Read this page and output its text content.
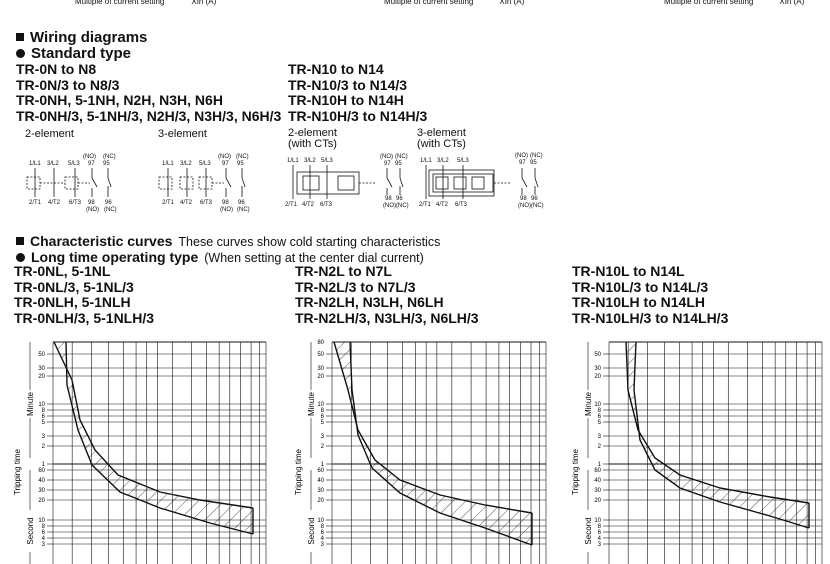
Multiple of current setting	XIn (A)	Multiple of current setting	XIn (A)	Multiple of current setting	XIn (A)
Wiring diagrams
Standard type
TR-0N to N8
TR-0N/3 to N8/3
TR-0NH, 5-1NH, N2H, N3H, N6H
TR-0NH/3, 5-1NH/3, N2H/3, N3H/3, N6H/3
TR-N10 to N14
TR-N10/3 to N14/3
TR-N10H to N14H
TR-N10H/3 to N14H/3
2-element	3-element	2-element
(with CTs)
3-element
(with CTs)
1/L1 3/L2 5/L3
(NO) (NC)
97 95
2/T1 4/T2 6/T3 98 96
(NO) (NC)
1/L1 3/L2 5/L3
(NO) (NC)
97 95
2/T1 4/T2 6/T3 98 96
(NO) (NC)
1/L1 3/L2 5/L3
(NO) (NC)
97 95
2/T1 4/T2 6/T3
98 96
(NO) (NC)
1/L1 3/L2 5/L3
(NO) (NC)
97 95
2/T1 4/T2 6/T3
98 96
(NO) (NC)
Characteristic curves These curves show cold starting characteristics
Long time operating type (When setting at the center dial current)
TR-0NL, 5-1NL
TR-0NL/3, 5-1NL/3
TR-0NLH, 5-1NLH
TR-0NLH/3, 5-1NLH/3
TR-N2L to N7L
TR-N2L/3 to N7L/3
TR-N2LH, N3LH, N6LH
TR-N2LH/3, N3LH/3, N6LH/3
TR-N10L to N14L
TR-N10L/3 to N14L/3
TR-N10LH to N14LH
TR-N10LH/3 to N14LH/3
50
30
20
10
8
6
5
3
2
1
60
40
30
20
10
8
6
4
3
Minute
Second
Tripping time
50
30
20
10
8
6
5
3
2
1
60
40
30
20
10
8
6
4
3
80
Minute
Second
Tripping time
50
30
20
10
8
6
5
3
2
1
60
40
30
20
10
8
6
4
3
Minute
Second
Tripping time
